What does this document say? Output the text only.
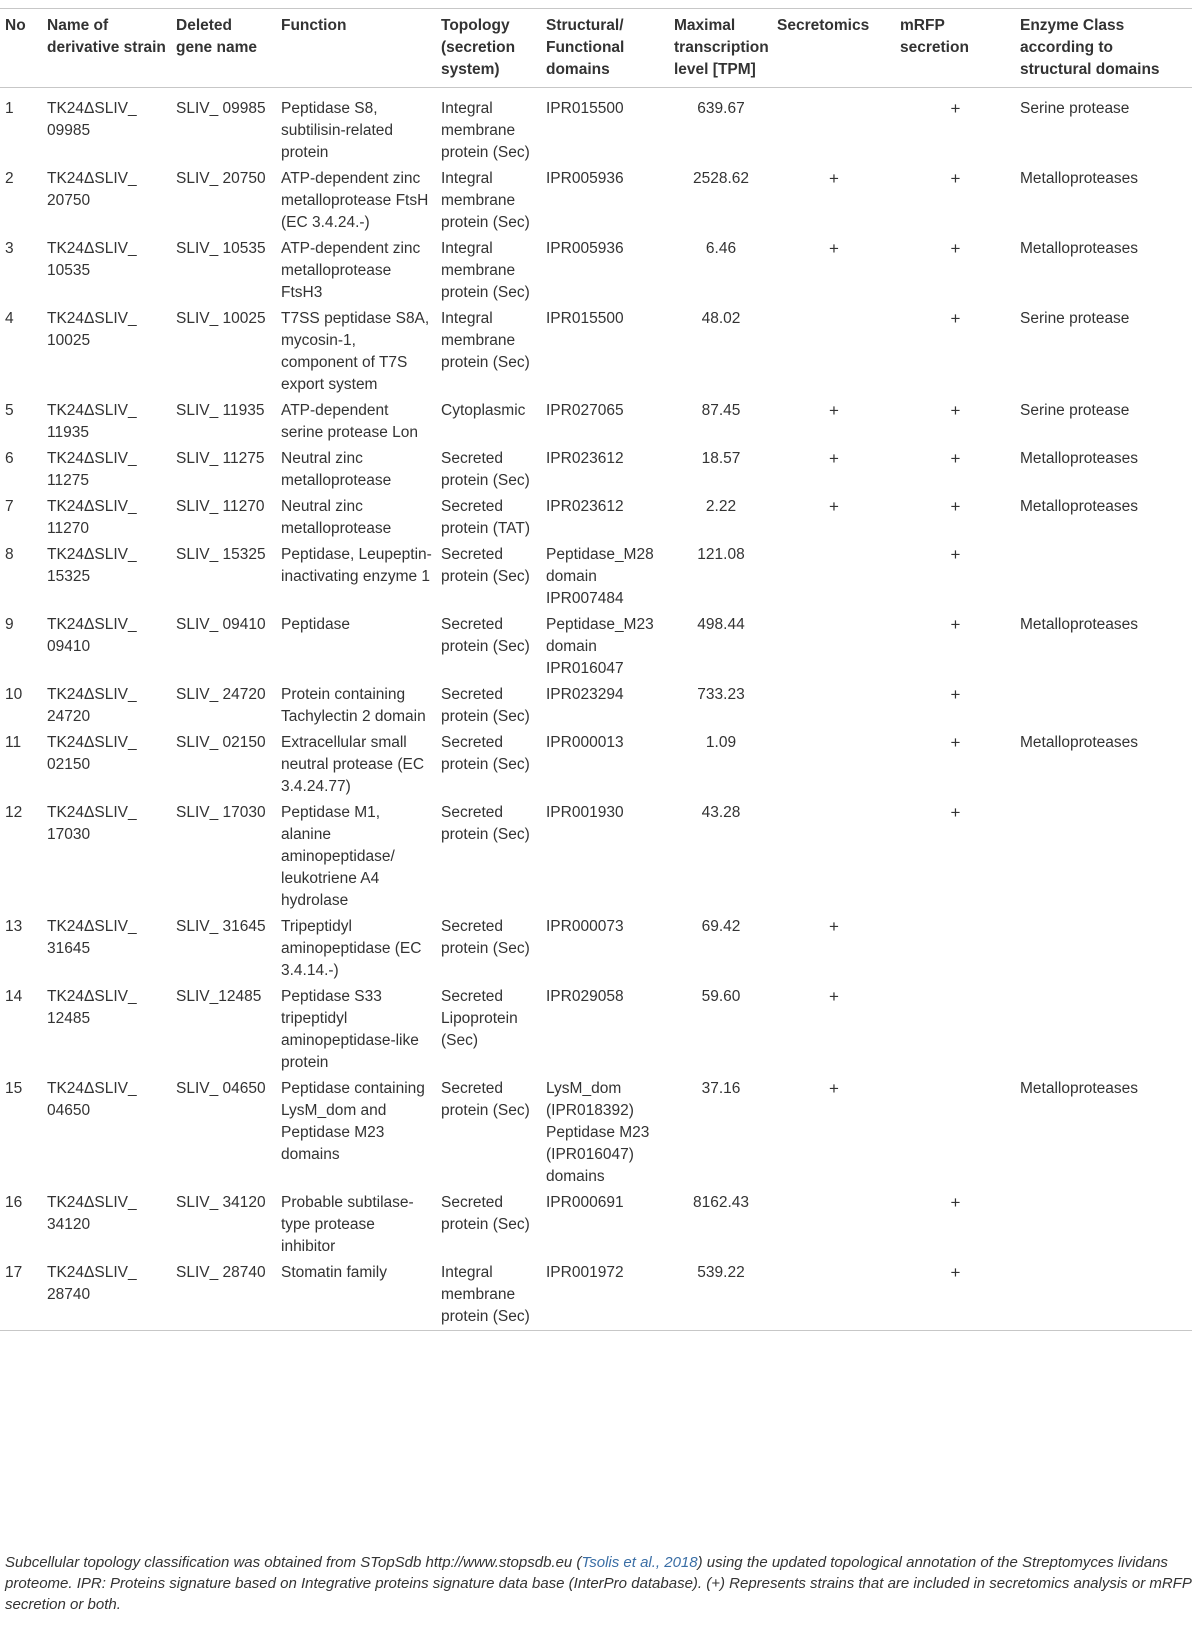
No	Name of derivative strain	Deleted gene name	Function	Topology (secretion system)	Structural/ Functional domains	Maximal transcription level [TPM]	Secretomics	mRFP secretion	Enzyme Class according to structural domains
1	TK24ΔSLIV_ 09985	SLIV_ 09985	Peptidase S8, subtilisin-related protein	Integral membrane protein (Sec)	IPR015500	639.67		+	Serine protease
2	TK24ΔSLIV_ 20750	SLIV_ 20750	ATP-dependent zinc metalloprotease FtsH (EC 3.4.24.-)	Integral membrane protein (Sec)	IPR005936	2528.62	+	+	Metalloproteases
3	TK24ΔSLIV_ 10535	SLIV_ 10535	ATP-dependent zinc metalloprotease FtsH3	Integral membrane protein (Sec)	IPR005936	6.46	+	+	Metalloproteases
4	TK24ΔSLIV_ 10025	SLIV_ 10025	T7SS peptidase S8A, mycosin-1, component of T7S export system	Integral membrane protein (Sec)	IPR015500	48.02		+	Serine protease
5	TK24ΔSLIV_ 11935	SLIV_ 11935	ATP-dependent serine protease Lon	Cytoplasmic	IPR027065	87.45	+	+	Serine protease
6	TK24ΔSLIV_ 11275	SLIV_ 11275	Neutral zinc metalloprotease	Secreted protein (Sec)	IPR023612	18.57	+	+	Metalloproteases
7	TK24ΔSLIV_ 11270	SLIV_ 11270	Neutral zinc metalloprotease	Secreted protein (TAT)	IPR023612	2.22	+	+	Metalloproteases
8	TK24ΔSLIV_ 15325	SLIV_ 15325	Peptidase, Leupeptin-inactivating enzyme 1	Secreted protein (Sec)	Peptidase_M28 domain IPR007484	121.08		+	
9	TK24ΔSLIV_ 09410	SLIV_ 09410	Peptidase	Secreted protein (Sec)	Peptidase_M23 domain IPR016047	498.44		+	Metalloproteases
10	TK24ΔSLIV_ 24720	SLIV_ 24720	Protein containing Tachylectin 2 domain	Secreted protein (Sec)	IPR023294	733.23		+	
11	TK24ΔSLIV_ 02150	SLIV_ 02150	Extracellular small neutral protease (EC 3.4.24.77)	Secreted protein (Sec)	IPR000013	1.09		+	Metalloproteases
12	TK24ΔSLIV_ 17030	SLIV_ 17030	Peptidase M1, alanine aminopeptidase/ leukotriene A4 hydrolase	Secreted protein (Sec)	IPR001930	43.28		+	
13	TK24ΔSLIV_ 31645	SLIV_ 31645	Tripeptidyl aminopeptidase (EC 3.4.14.-)	Secreted protein (Sec)	IPR000073	69.42	+		
14	TK24ΔSLIV_ 12485	SLIV_12485	Peptidase S33 tripeptidyl aminopeptidase-like protein	Secreted Lipoprotein (Sec)	IPR029058	59.60	+		
15	TK24ΔSLIV_ 04650	SLIV_ 04650	Peptidase containing LysM_dom and Peptidase M23 domains	Secreted protein (Sec)	LysM_dom (IPR018392) Peptidase M23 (IPR016047) domains	37.16	+		Metalloproteases
16	TK24ΔSLIV_ 34120	SLIV_ 34120	Probable subtilase-type protease inhibitor	Secreted protein (Sec)	IPR000691	8162.43		+	
17	TK24ΔSLIV_ 28740	SLIV_ 28740	Stomatin family	Integral membrane protein (Sec)	IPR001972	539.22		+	
Subcellular topology classification was obtained from STopSdb http://www.stopsdb.eu (Tsolis et al., 2018) using the updated topological annotation of the Streptomyces lividans proteome. IPR: Proteins signature based on Integrative proteins signature data base (InterPro database). (+) Represents strains that are included in secretomics analysis or mRFP secretion or both.
